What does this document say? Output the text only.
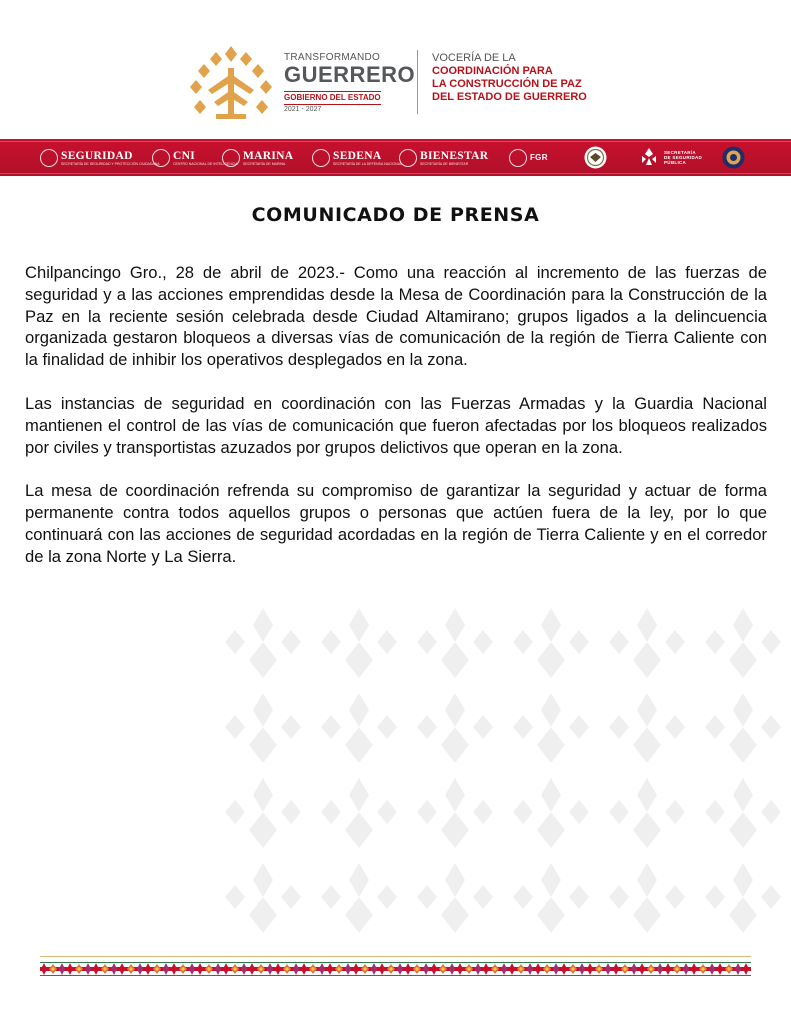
TRANSFORMANDO
GUERRERO
GOBIERNO DEL ESTADO
2021 - 2027
VOCERÍA DE LA
COORDINACIÓN PARA
LA CONSTRUCCIÓN DE PAZ
DEL ESTADO DE GUERRERO
SEGURIDAD
SECRETARÍA DE SEGURIDAD Y PROTECCIÓN CIUDADANA
CNI
CENTRO NACIONAL DE INTELIGENCIA
MARINA
SECRETARÍA DE MARINA
SEDENA
SECRETARÍA DE LA DEFENSA NACIONAL
BIENESTAR
SECRETARÍA DE BIENESTAR
FGR	SECRETARÍA DE SEGURIDAD PÚBLICA
COMUNICADO DE PRENSA

Chilpancingo Gro., 28 de abril de 2023.- Como una reacción al incremento de las fuerzas de seguridad y a las acciones emprendidas desde la Mesa de Coordinación para la Construcción de la Paz en la reciente sesión celebrada desde Ciudad Altamirano; grupos ligados a la delincuencia organizada gestaron bloqueos a diversas vías de comunicación de la región de Tierra Caliente con la finalidad de inhibir los operativos desplegados en la zona.

Las instancias de seguridad en coordinación con las Fuerzas Armadas y la Guardia Nacional mantienen el control de las vías de comunicación que fueron afectadas por los bloqueos realizados por civiles y transportistas azuzados por grupos delictivos que operan en la zona.

La mesa de coordinación refrenda su compromiso de garantizar la seguridad y actuar de forma permanente contra todos aquellos grupos o personas que actúen fuera de la ley, por lo que continuará con las acciones de seguridad acordadas en la región de Tierra Caliente y en el corredor de la zona Norte y La Sierra.
